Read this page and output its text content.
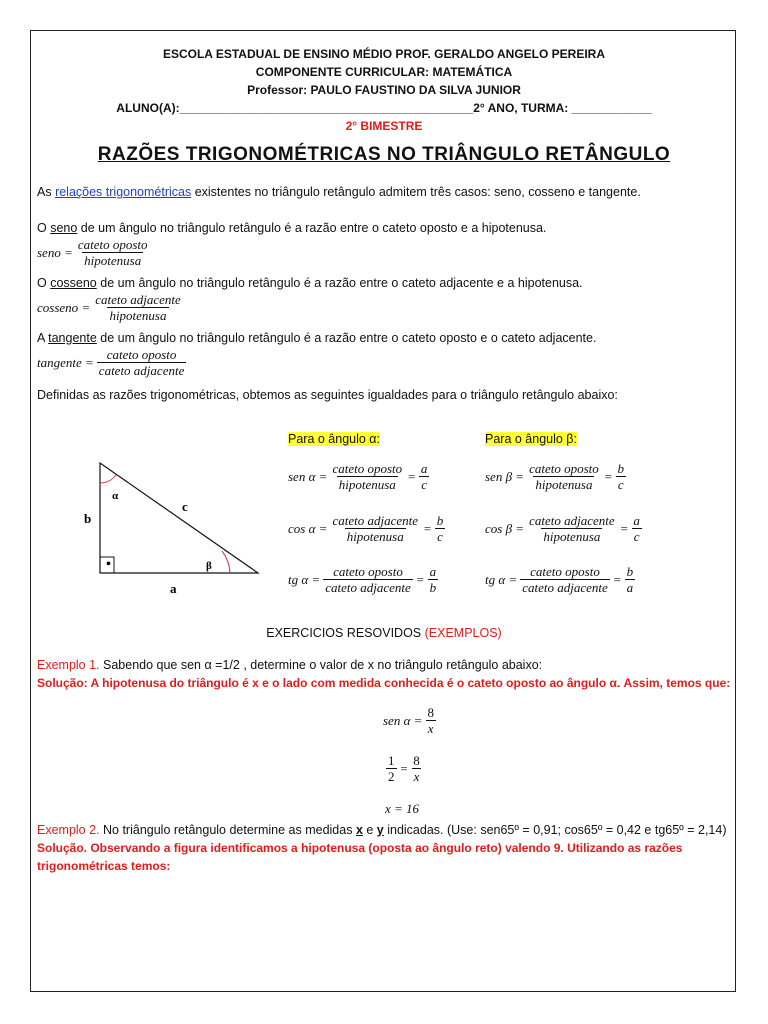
ESCOLA ESTADUAL DE ENSINO MÉDIO PROF. GERALDO ANGELO PEREIRA
COMPONENTE CURRICULAR: MATEMÁTICA
Professor: PAULO FAUSTINO DA SILVA JUNIOR
ALUNO(A):____________________________________________2° ANO, TURMA: ____________
2° BIMESTRE
RAZÕES TRIGONOMÉTRICAS NO TRIÂNGULO RETÂNGULO
As relações trigonométricas existentes no triângulo retângulo admitem três casos: seno, cosseno e tangente.
O seno de um ângulo no triângulo retângulo é a razão entre o cateto oposto e a hipotenusa.
seno = $\frac{\text{cateto oposto}}{\text{hipotenusa}}$
O cosseno de um ângulo no triângulo retângulo é a razão entre o cateto adjacente e a hipotenusa.
cosseno = $\frac{\text{cateto adjacente}}{\text{hipotenusa}}$
A tangente de um ângulo no triângulo retângulo é a razão entre o cateto oposto e o cateto adjacente.
tangente = $\frac{\text{cateto oposto}}{\text{cateto adjacente}}$
Definidas as razões trigonométricas, obtemos as seguintes igualdades para o triângulo retângulo abaixo:
•
b
a
c
α
β
Para o ângulo α:
sen $\alpha = \frac{\text{cateto oposto}}{\text{hipotenusa}} = \frac{a}{c}$
$\cos \alpha = \frac{\text{cateto adjacente}}{\text{hipotenusa}} = \frac{b}{c}$
tg $\alpha = \frac{\text{cateto oposto}}{\text{cateto adjacente}} = \frac{a}{b}$
Para o ângulo β:
sen $\beta = \frac{\text{cateto oposto}}{\text{hipotenusa}} = \frac{b}{c}$
$\cos \beta = \frac{\text{cateto adjacente}}{\text{hipotenusa}} = \frac{a}{c}$
tg $\alpha = \frac{\text{cateto oposto}}{\text{cateto adjacente}} = \frac{b}{a}$
EXERCICIOS RESOVIDOS (EXEMPLOS)
Exemplo 1. Sabendo que sen α =1/2 , determine o valor de x no triângulo retângulo abaixo:
Solução: A hipotenusa do triângulo é x e o lado com medida conhecida é o cateto oposto ao ângulo α. Assim, temos que:
sen $\alpha = \frac{8}{x}$
$\frac{1}{2} = \frac{8}{x}$
x = 16
Exemplo 2. No triângulo retângulo determine as medidas x e y indicadas. (Use: sen65º = 0,91; cos65º = 0,42 e tg65º = 2,14)
Solução. Observando a figura identificamos a hipotenusa (oposta ao ângulo reto) valendo 9. Utilizando as razões
trigonométricas temos:
